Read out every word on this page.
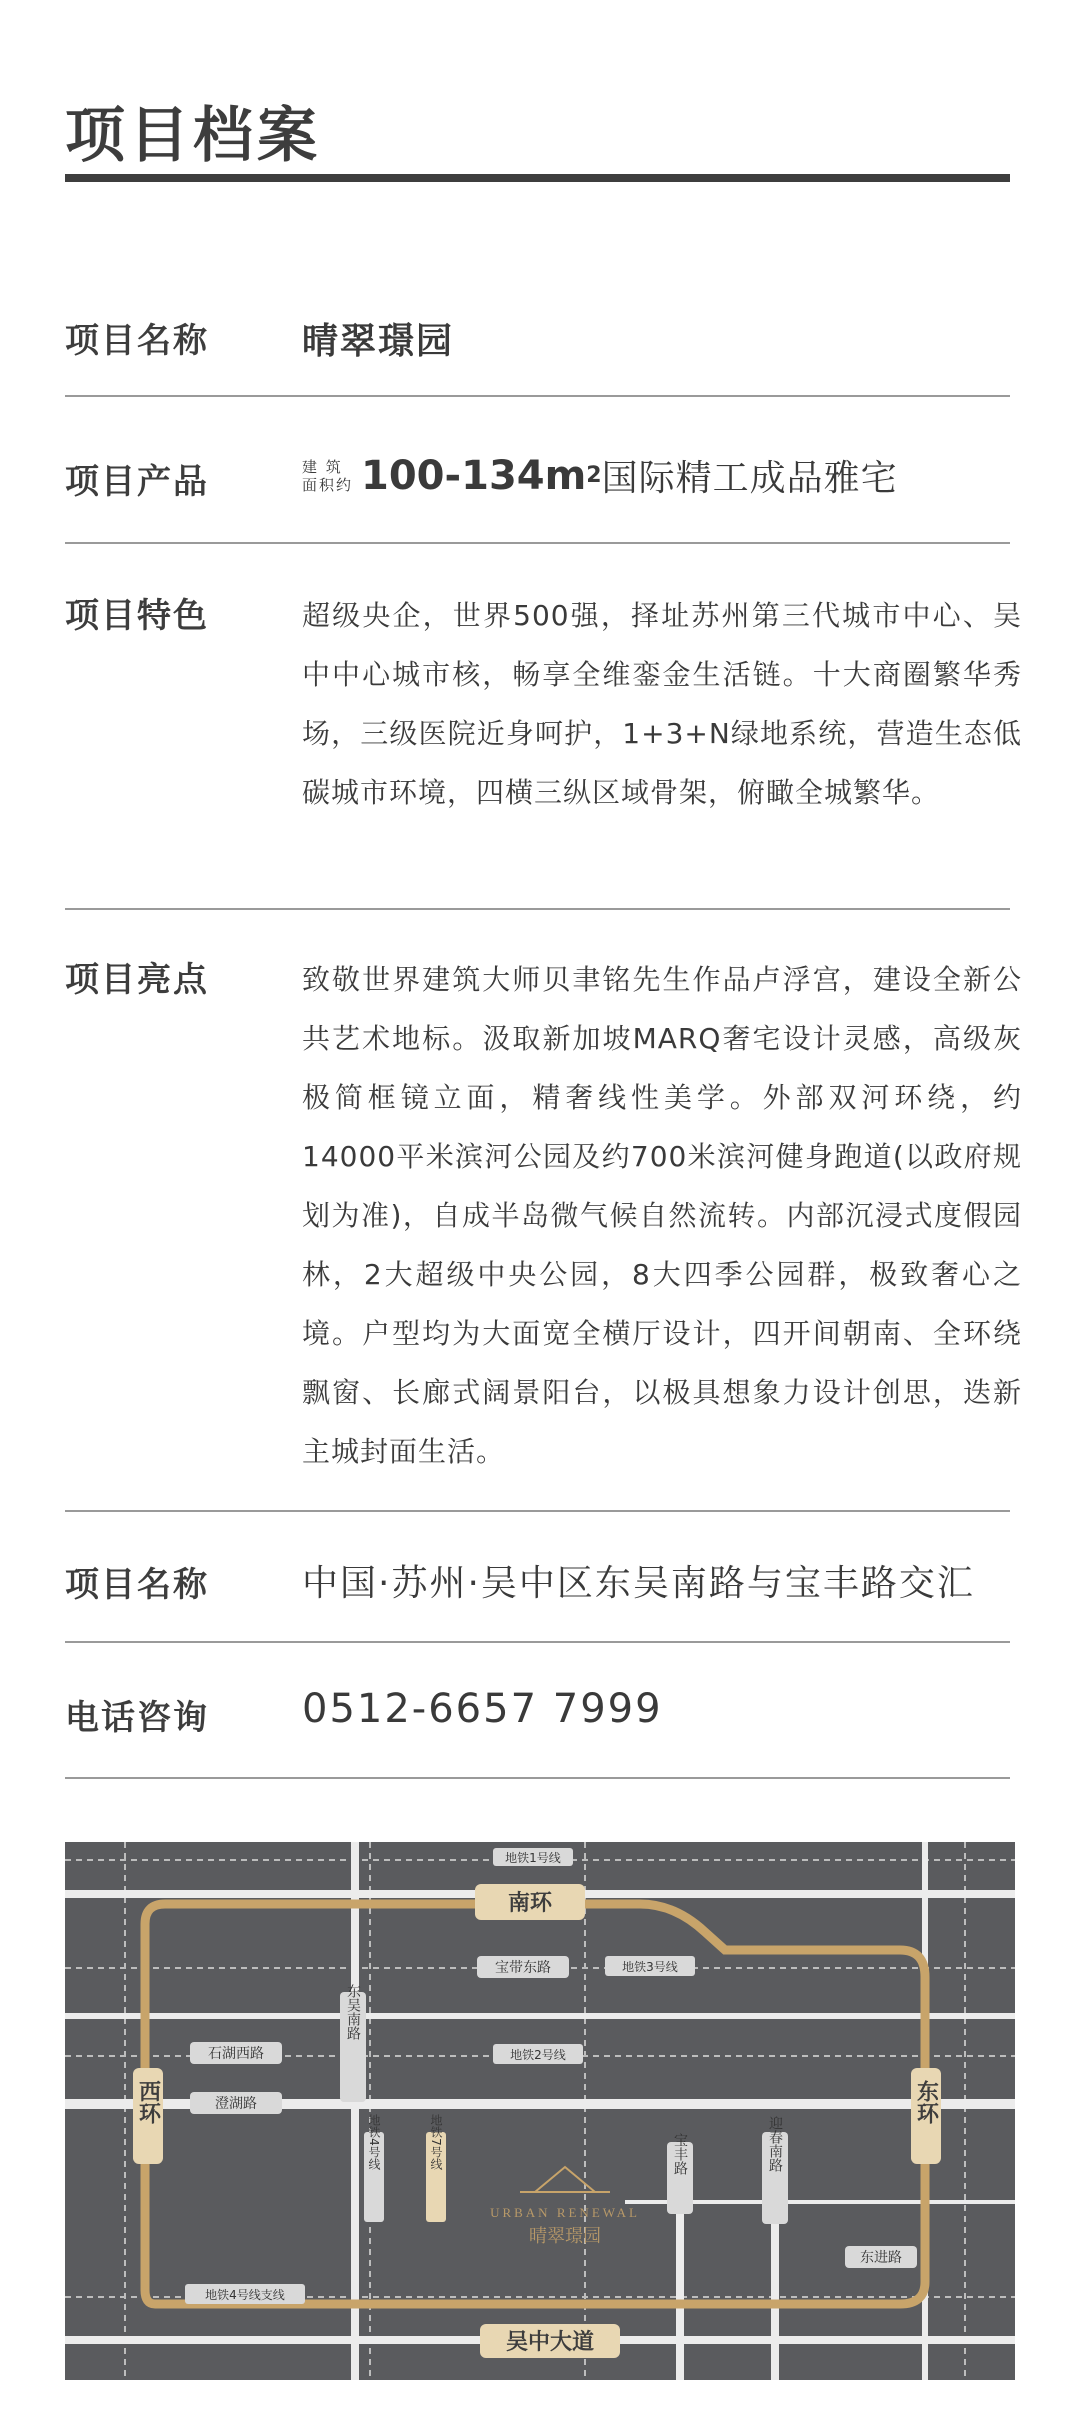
项目档案
项目名称	晴翠璟园
项目产品	建 筑
面积约 100-134m 2 国际精工成品雅宅
项目特色	超级央企，世界500强，择址苏州第三代城市中心、吴中中心城市核，畅享全维銮金生活链。十大商圈繁华秀场，三级医院近身呵护，1+3+N绿地系统，营造生态低碳城市环境，四横三纵区域骨架，俯瞰全城繁华。
项目亮点	致敬世界建筑大师贝聿铭先生作品卢浮宫，建设全新公共艺术地标。汲取新加坡MARQ奢宅设计灵感，高级灰极简框镜立面，精奢线性美学。外部双河环绕，约14000平米滨河公园及约700米滨河健身跑道(以政府规划为准)，自成半岛微气候自然流转。内部沉浸式度假园林，2大超级中央公园，8大四季公园群，极致奢心之境。户型均为大面宽全横厅设计，四开间朝南、全环绕飘窗、长廊式阔景阳台，以极具想象力设计创思，迭新主城封面生活。
项目名称	中国·苏州·吴中区东吴南路与宝丰路交汇
电话咨询 0512-6657 7999
URBAN RENEWAL
晴翠璟园
南环
吴中大道
西环	东环
石湖西路
澄湖路
宝带东路
东吴南路
宝丰路	迎春南路
东进路
地铁1号线
地铁2号线
地铁3号线
地铁4号线	地铁7号线
地铁4号线支线
